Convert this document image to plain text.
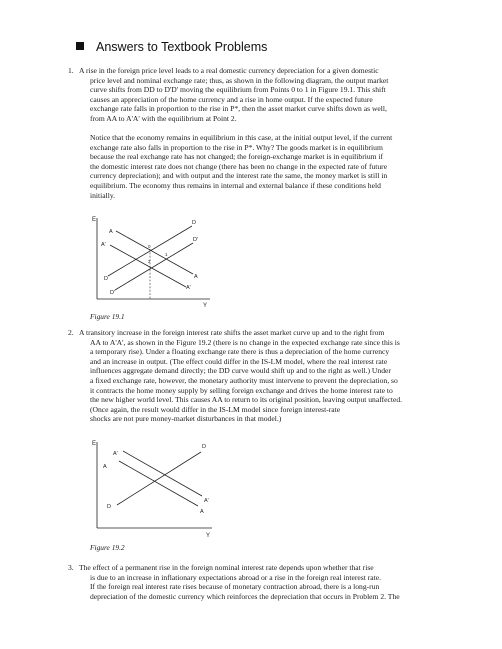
Answers to Textbook Problems
1. A rise in the foreign price level leads to a real domestic currency depreciation for a given domestic

price level and nominal exchange rate; thus, as shown in the following diagram, the output market

curve shifts from DD to D'D' moving the equilibrium from Points 0 to 1 in Figure 19.1. This shift

causes an appreciation of the home currency and a rise in home output. If the expected future

exchange rate falls in proportion to the rise in P*, then the asset market curve shifts down as well,

from AA to A'A' with the equilibrium at Point 2.

Notice that the economy remains in equilibrium in this case, at the initial output level, if the current

exchange rate also falls in proportion to the rise in P*. Why? The goods market is in equilibrium

because the real exchange rate has not changed; the foreign-exchange market is in equilibrium if

the domestic interest rate does not change (there has been no change in the expected rate of future

currency depreciation); and with output and the interest rate the same, the money market is still in

equilibrium. The economy thus remains in internal and external balance if these conditions held

initially.

E
Y
A
A'
D
D'
A
A'
D
D'
0
1
2
Figure 19.1
2. A transitory increase in the foreign interest rate shifts the asset market curve up and to the right from

AA to A'A', as shown in the Figure 19.2 (there is no change in the expected exchange rate since this is

a temporary rise). Under a floating exchange rate there is thus a depreciation of the home currency

and an increase in output. (The effect could differ in the IS-LM model, where the real interest rate

influences aggregate demand directly; the DD curve would shift up and to the right as well.) Under

a fixed exchange rate, however, the monetary authority must intervene to prevent the depreciation, so

it contracts the home money supply by selling foreign exchange and drives the home interest rate to

the new higher world level. This causes AA to return to its original position, leaving output unaffected.

(Once again, the result would differ in the IS-LM model since foreign interest-rate

shocks are not pure money-market disturbances in that model.)

E
Y
A
A'
D
D
A'
A
Figure 19.2
3. The effect of a permanent rise in the foreign nominal interest rate depends upon whether that rise

is due to an increase in inflationary expectations abroad or a rise in the foreign real interest rate.

If the foreign real interest rate rises because of monetary contraction abroad, there is a long-run

depreciation of the domestic currency which reinforces the depreciation that occurs in Problem 2. The
